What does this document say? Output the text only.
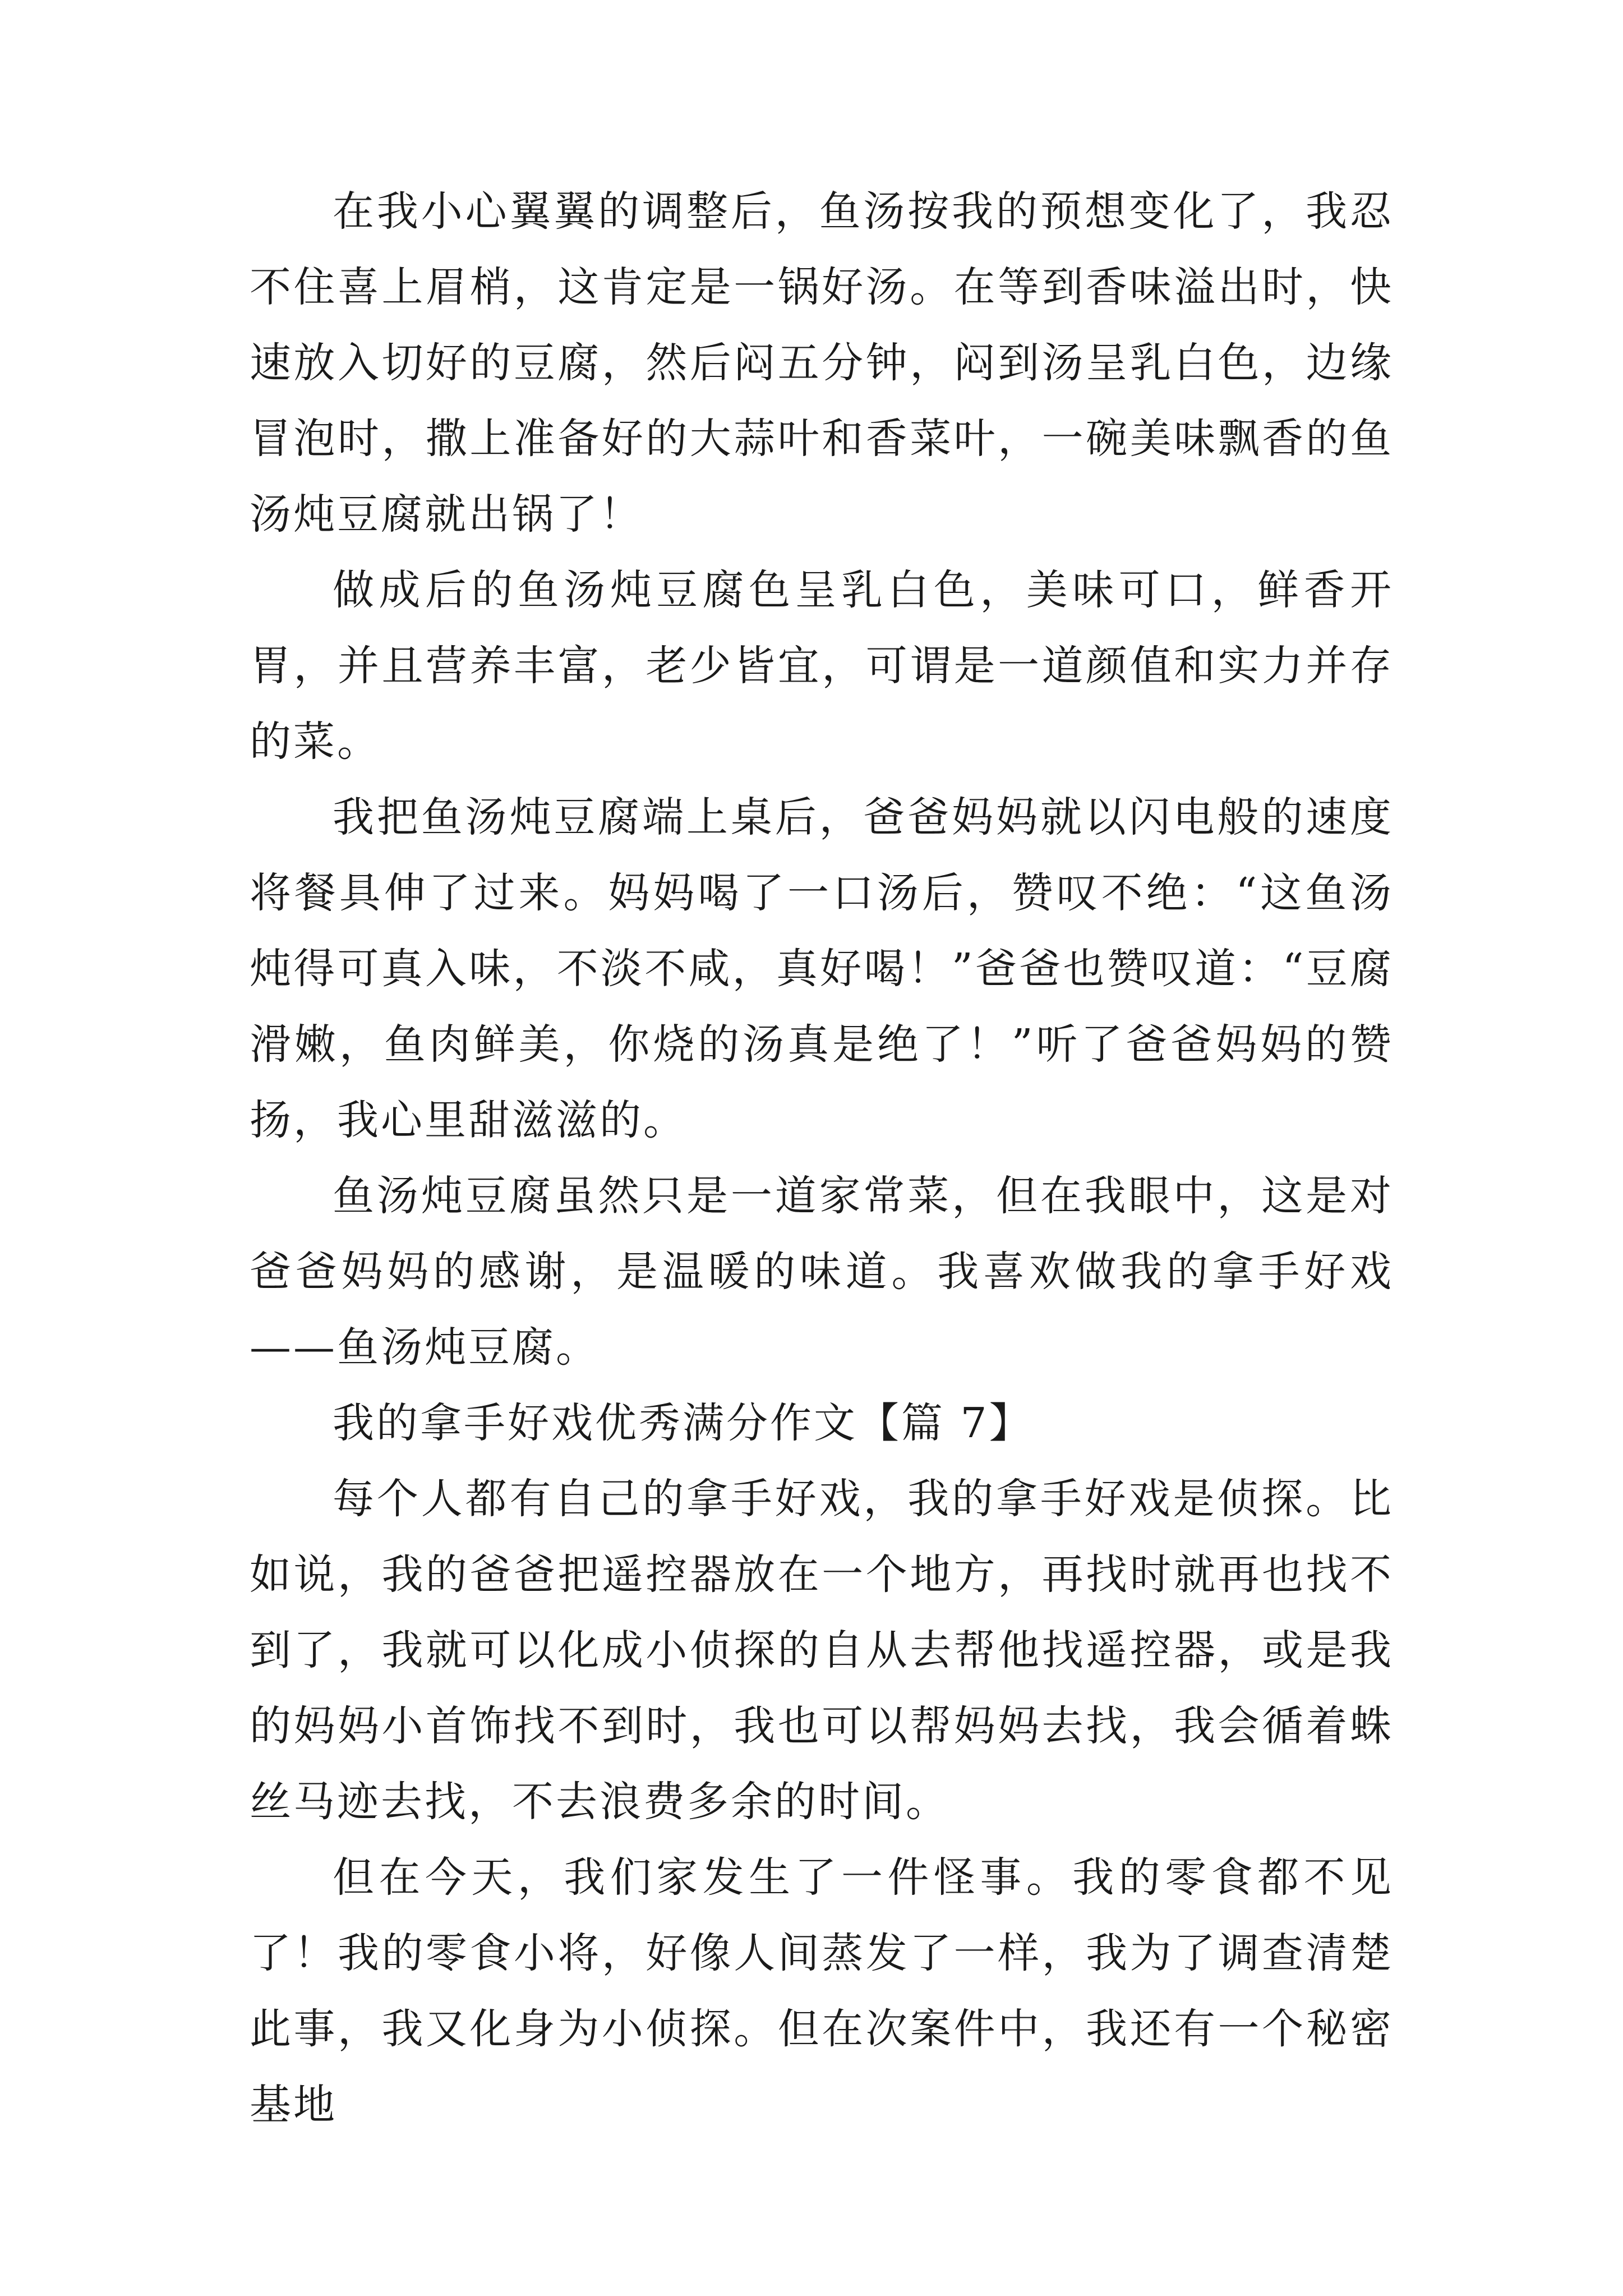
在我小心翼翼的调整后，鱼汤按我的预想变化了，我忍不住喜上眉梢，这肯定是一锅好汤。在等到香味溢出时，快速放入切好的豆腐，然后闷五分钟，闷到汤呈乳白色，边缘冒泡时，撒上准备好的大蒜叶和香菜叶，一碗美味飘香的鱼汤炖豆腐就出锅了！

做成后的鱼汤炖豆腐色呈乳白色，美味可口，鲜香开胃，并且营养丰富，老少皆宜，可谓是一道颜值和实力并存的菜。

我把鱼汤炖豆腐端上桌后，爸爸妈妈就以闪电般的速度将餐具伸了过来。妈妈喝了一口汤后，赞叹不绝：“这鱼汤炖得可真入味，不淡不咸，真好喝！”爸爸也赞叹道：“豆腐滑嫩，鱼肉鲜美，你烧的汤真是绝了！”听了爸爸妈妈的赞扬，我心里甜滋滋的。

鱼汤炖豆腐虽然只是一道家常菜，但在我眼中，这是对爸爸妈妈的感谢，是温暖的味道。我喜欢做我的拿手好戏——鱼汤炖豆腐。

我的拿手好戏优秀满分作文【篇 7】

每个人都有自己的拿手好戏，我的拿手好戏是侦探。比如说，我的爸爸把遥控器放在一个地方，再找时就再也找不到了，我就可以化成小侦探的自从去帮他找遥控器，或是我的妈妈小首饰找不到时，我也可以帮妈妈去找，我会循着蛛丝马迹去找，不去浪费多余的时间。

但在今天，我们家发生了一件怪事。我的零食都不见了！我的零食小将，好像人间蒸发了一样，我为了调查清楚此事，我又化身为小侦探。但在次案件中，我还有一个秘密基地
